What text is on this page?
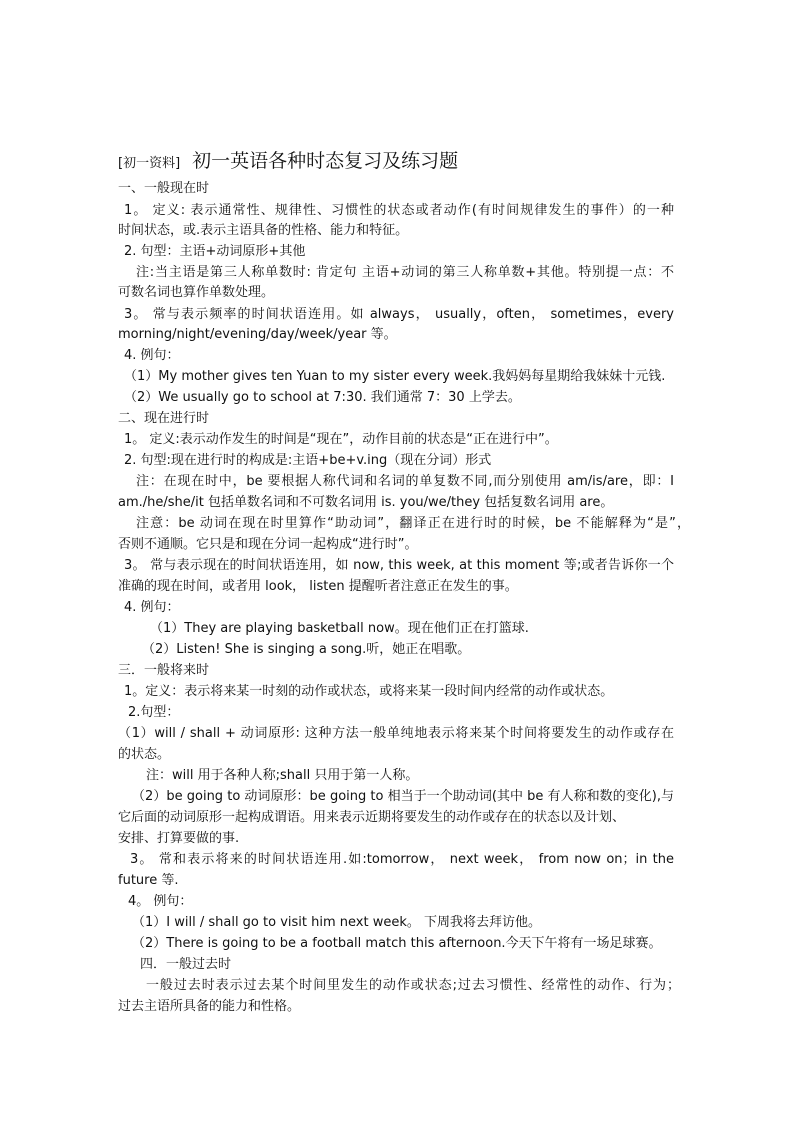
[初一资料] 初一英语各种时态复习及练习题
一、一般现在时
1。 定义: 表示通常性、规律性、习惯性的状态或者动作(有时间规律发生的事件）的一种
时间状态，或.表示主语具备的性格、能力和特征。
2. 句型：主语+动词原形+其他
注:当主语是第三人称单数时: 肯定句 主语+动词的第三人称单数+其他。特别提一点：不
可数名词也算作单数处理。
3。 常与表示频率的时间状语连用。如 always， usually，often， sometimes，every
morning/night/evening/day/week/year 等。
4. 例句：
（1）My mother gives ten Yuan to my sister every week.我妈妈每星期给我妹妹十元钱.
（2）We usually go to school at 7:30. 我们通常 7：30 上学去。
二、现在进行时
1。 定义:表示动作发生的时间是“现在”，动作目前的状态是“正在进行中”。
2. 句型:现在进行时的构成是:主语+be+v.ing（现在分词）形式
注：在现在时中，be 要根据人称代词和名词的单复数不同,而分别使用 am/is/are，即：I
am./he/she/it 包括单数名词和不可数名词用 is. you/we/they 包括复数名词用 are。
注意：be 动词在现在时里算作“助动词”，翻译正在进行时的时候，be 不能解释为“是”，
否则不通顺。它只是和现在分词一起构成“进行时”。
3。 常与表示现在的时间状语连用，如 now, this week, at this moment 等;或者告诉你一个
准确的现在时间，或者用 look， listen 提醒听者注意正在发生的事。
4. 例句：
（1）They are playing basketball now。现在他们正在打篮球.
（2）Listen! She is singing a song.听，她正在唱歌。
三．一般将来时
1。定义：表示将来某一时刻的动作或状态，或将来某一段时间内经常的动作或状态。
2.句型：
（1）will / shall + 动词原形: 这种方法一般单纯地表示将来某个时间将要发生的动作或存在
的状态。
注：will 用于各种人称;shall 只用于第一人称。
（2）be going to 动词原形：be going to 相当于一个助动词(其中 be 有人称和数的变化),与
它后面的动词原形一起构成谓语。用来表示近期将要发生的动作或存在的状态以及计划、
安排、打算要做的事.
3。 常和表示将来的时间状语连用.如:tomorrow， next week， from now on；in the
future 等.
4。 例句：
（1）I will / shall go to visit him next week。 下周我将去拜访他。
（2）There is going to be a football match this afternoon.今天下午将有一场足球赛。
四．一般过去时
一般过去时表示过去某个时间里发生的动作或状态;过去习惯性、经常性的动作、行为；
过去主语所具备的能力和性格。
